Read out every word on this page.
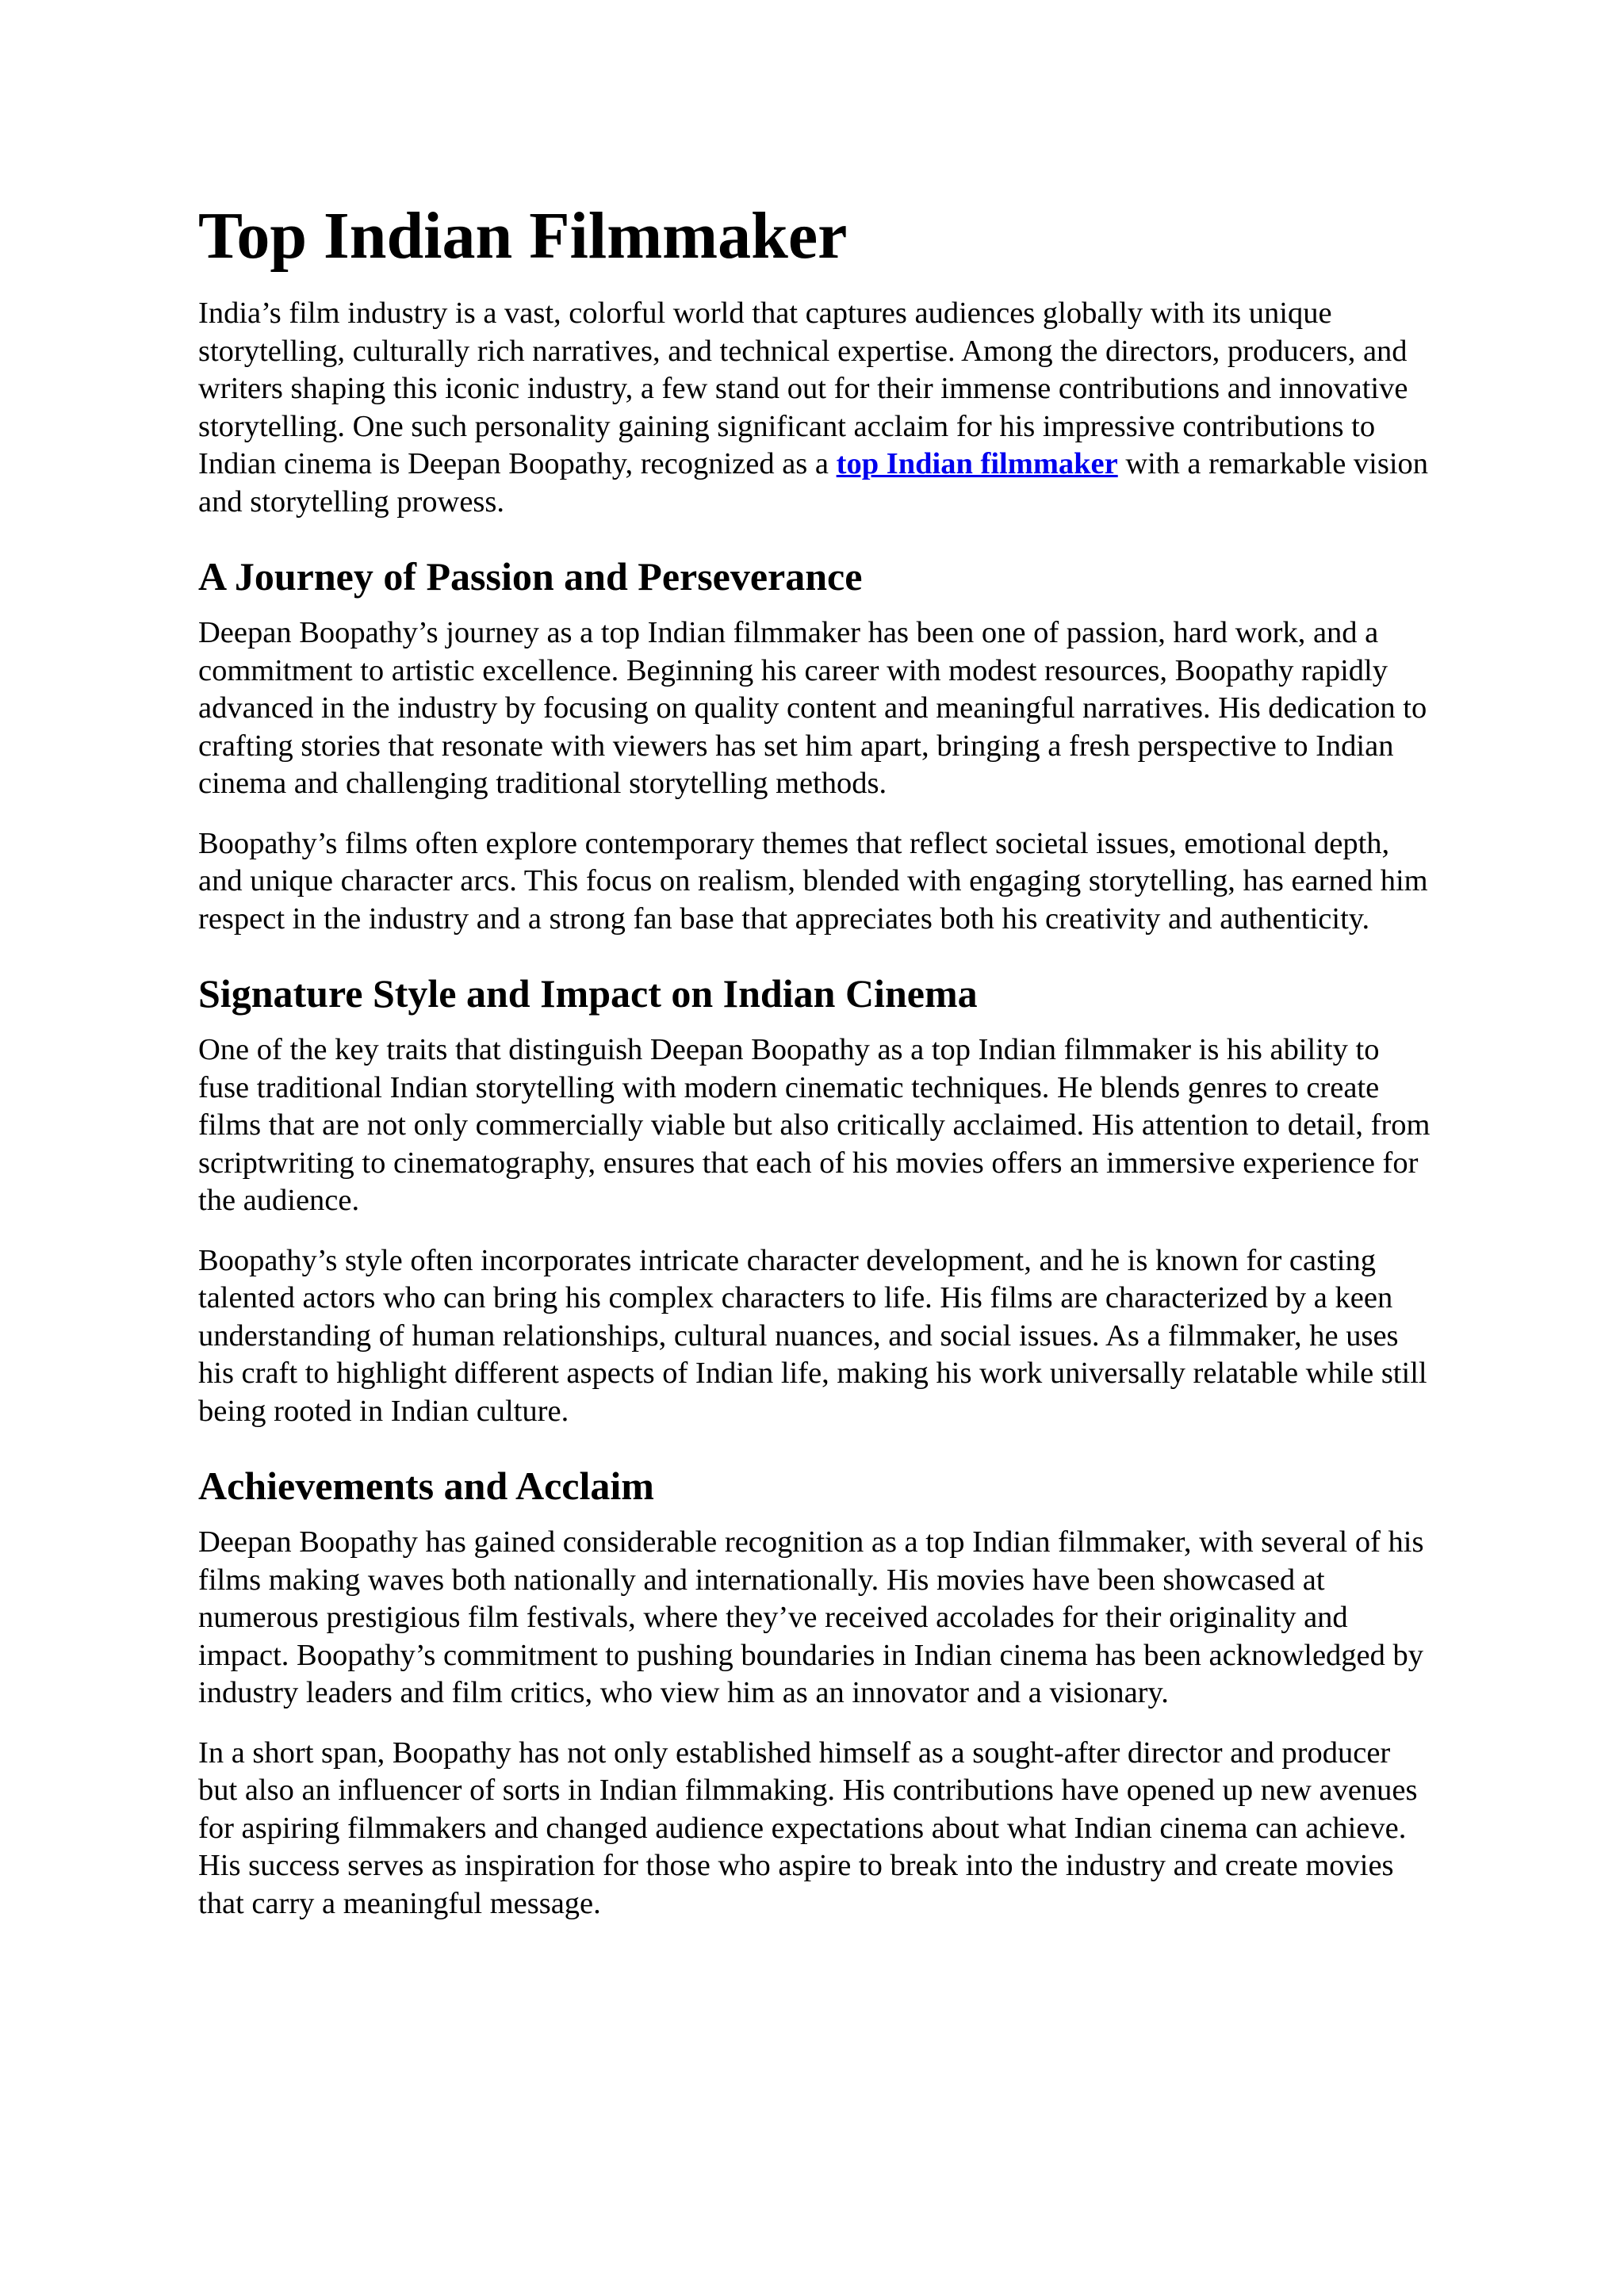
Top Indian Filmmaker

India’s film industry is a vast, colorful world that captures audiences globally with its unique storytelling, culturally rich narratives, and technical expertise. Among the directors, producers, and writers shaping this iconic industry, a few stand out for their immense contributions and innovative storytelling. One such personality gaining significant acclaim for his impressive contributions to Indian cinema is Deepan Boopathy, recognized as a top Indian filmmaker with a remarkable vision and storytelling prowess.

A Journey of Passion and Perseverance

Deepan Boopathy’s journey as a top Indian filmmaker has been one of passion, hard work, and a commitment to artistic excellence. Beginning his career with modest resources, Boopathy rapidly advanced in the industry by focusing on quality content and meaningful narratives. His dedication to crafting stories that resonate with viewers has set him apart, bringing a fresh perspective to Indian cinema and challenging traditional storytelling methods.

Boopathy’s films often explore contemporary themes that reflect societal issues, emotional depth, and unique character arcs. This focus on realism, blended with engaging storytelling, has earned him respect in the industry and a strong fan base that appreciates both his creativity and authenticity.

Signature Style and Impact on Indian Cinema

One of the key traits that distinguish Deepan Boopathy as a top Indian filmmaker is his ability to fuse traditional Indian storytelling with modern cinematic techniques. He blends genres to create films that are not only commercially viable but also critically acclaimed. His attention to detail, from scriptwriting to cinematography, ensures that each of his movies offers an immersive experience for the audience.

Boopathy’s style often incorporates intricate character development, and he is known for casting talented actors who can bring his complex characters to life. His films are characterized by a keen understanding of human relationships, cultural nuances, and social issues. As a filmmaker, he uses his craft to highlight different aspects of Indian life, making his work universally relatable while still being rooted in Indian culture.

Achievements and Acclaim

Deepan Boopathy has gained considerable recognition as a top Indian filmmaker, with several of his films making waves both nationally and internationally. His movies have been showcased at numerous prestigious film festivals, where they’ve received accolades for their originality and impact. Boopathy’s commitment to pushing boundaries in Indian cinema has been acknowledged by industry leaders and film critics, who view him as an innovator and a visionary.

In a short span, Boopathy has not only established himself as a sought-after director and producer but also an influencer of sorts in Indian filmmaking. His contributions have opened up new avenues for aspiring filmmakers and changed audience expectations about what Indian cinema can achieve. His success serves as inspiration for those who aspire to break into the industry and create movies that carry a meaningful message.
